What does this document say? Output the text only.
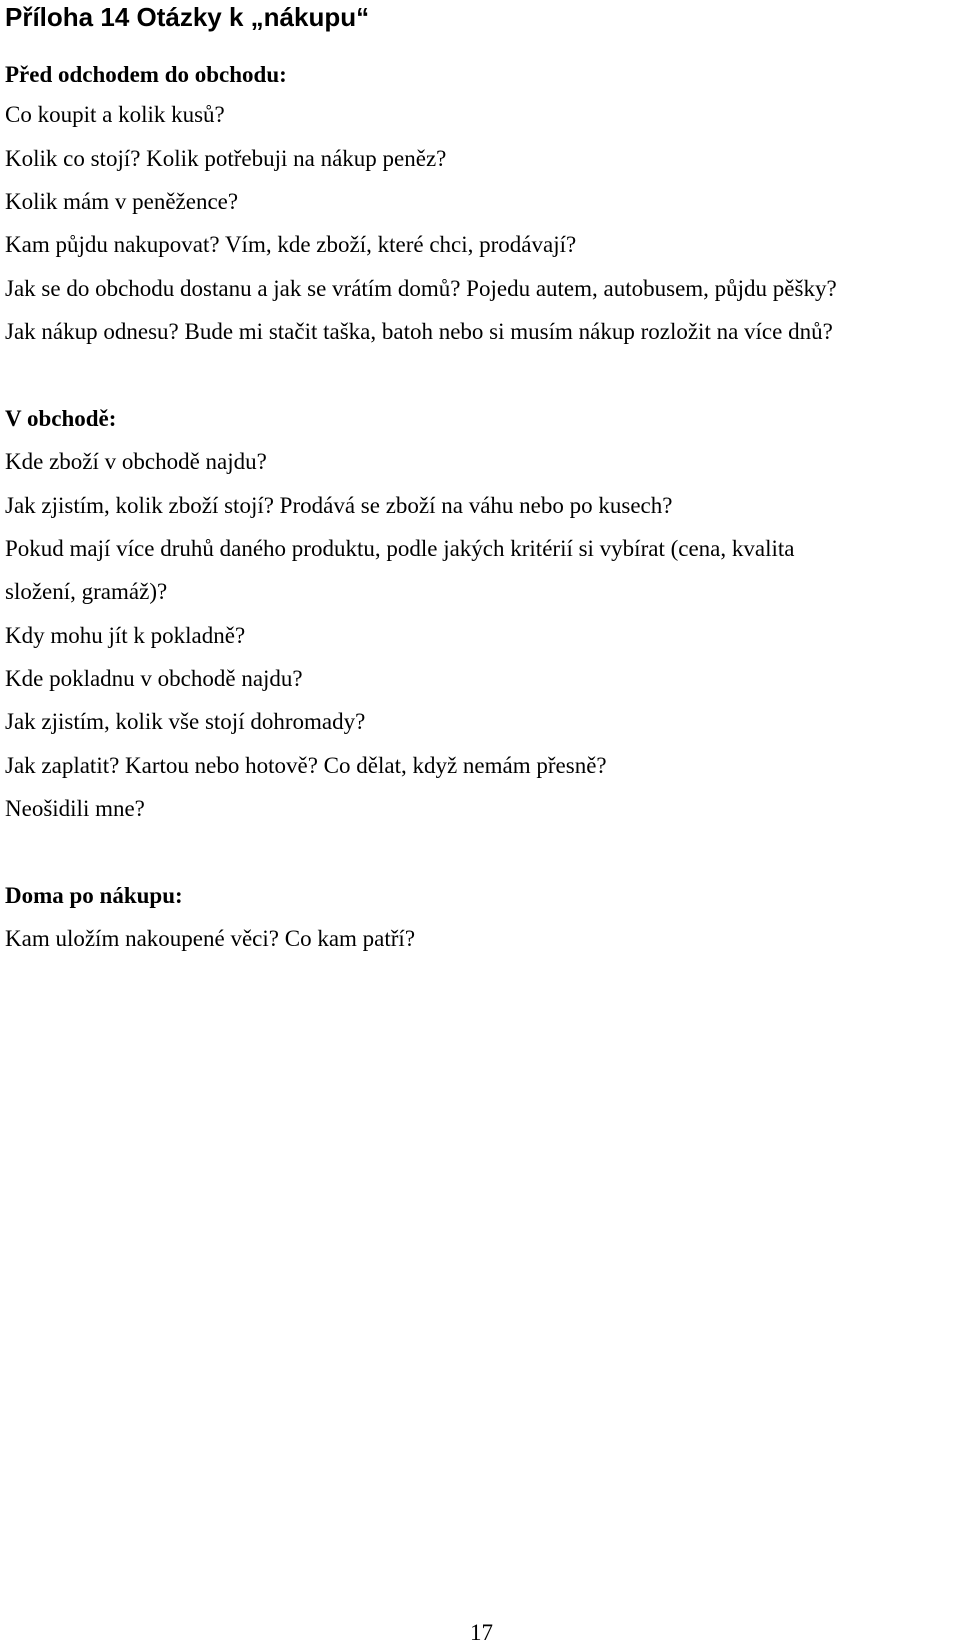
Příloha 14 Otázky k „nákupu“
Před odchodem do obchodu:

Co koupit a kolik kusů?

Kolik co stojí? Kolik potřebuji na nákup peněz?

Kolik mám v peněžence?

Kam půjdu nakupovat? Vím, kde zboží, které chci, prodávají?

Jak se do obchodu dostanu a jak se vrátím domů? Pojedu autem, autobusem, půjdu pěšky?

Jak nákup odnesu? Bude mi stačit taška, batoh nebo si musím nákup rozložit na více dnů?

V obchodě:

Kde zboží v obchodě najdu?

Jak zjistím, kolik zboží stojí? Prodává se zboží na váhu nebo po kusech?

Pokud mají více druhů daného produktu, podle jakých kritérií si vybírat (cena, kvalita

složení, gramáž)?

Kdy mohu jít k pokladně?

Kde pokladnu v obchodě najdu?

Jak zjistím, kolik vše stojí dohromady?

Jak zaplatit? Kartou nebo hotově? Co dělat, když nemám přesně?

Neošidili mne?

Doma po nákupu:

Kam uložím nakoupené věci? Co kam patří?

17
